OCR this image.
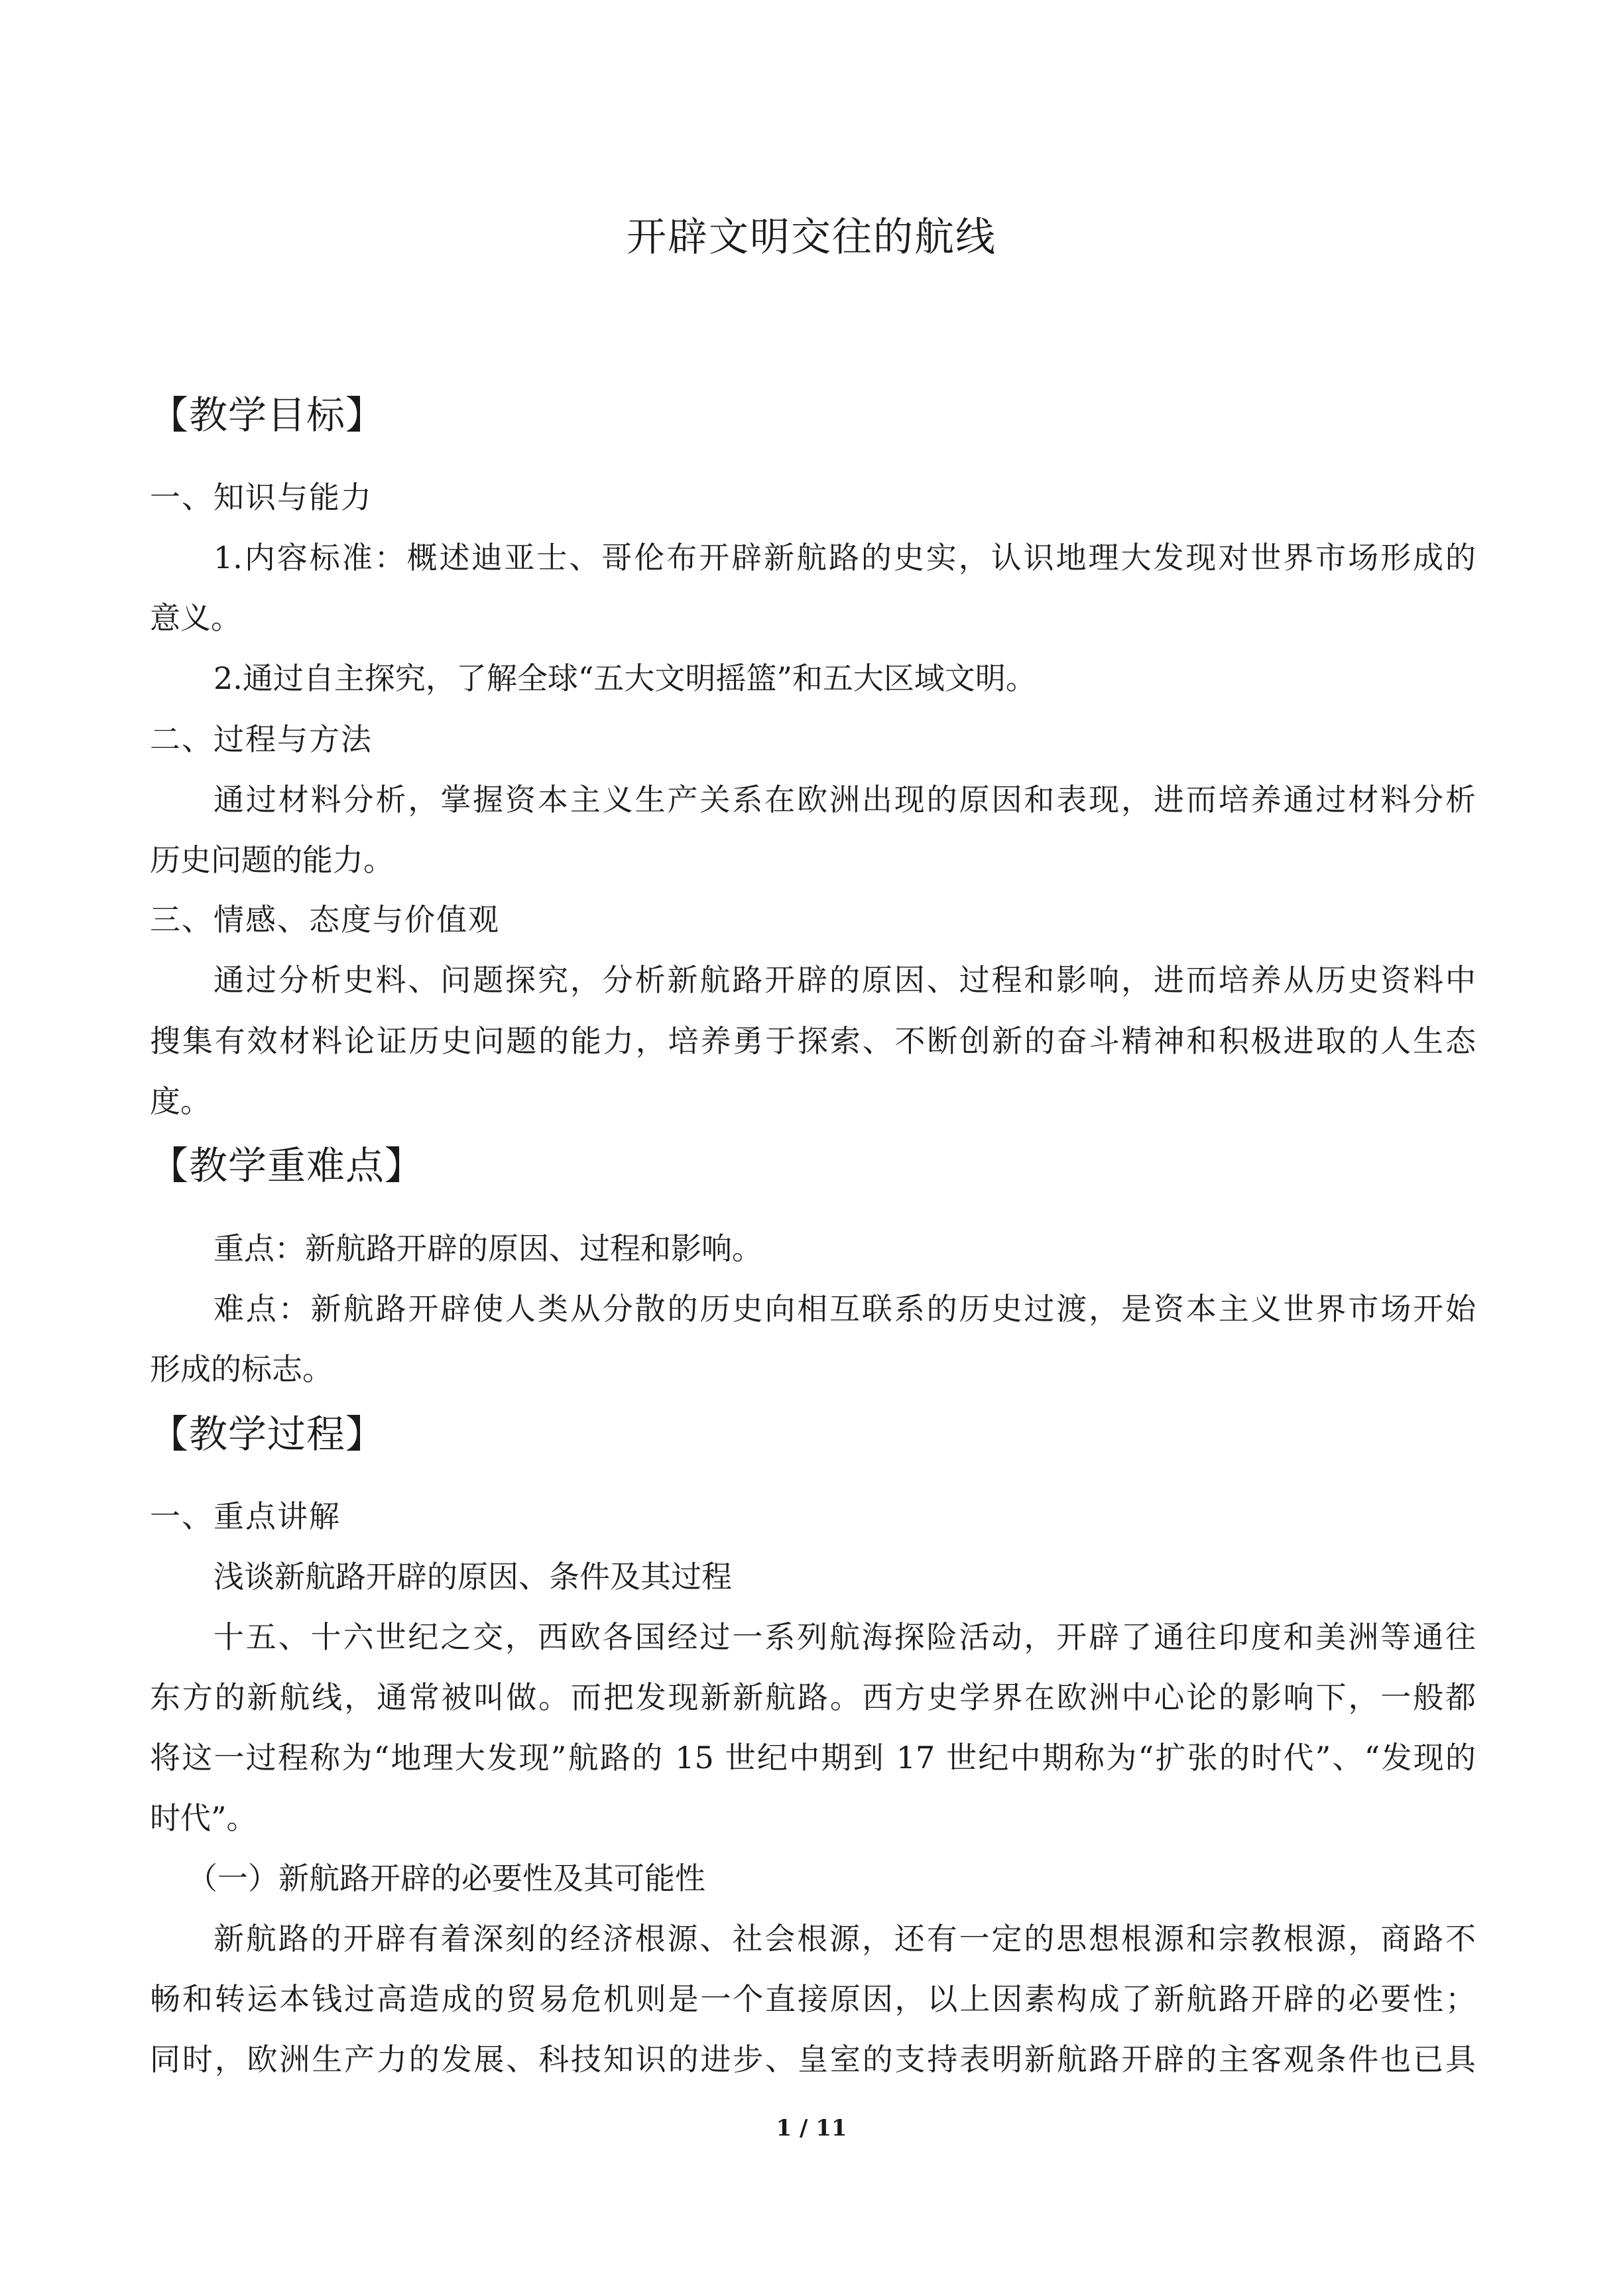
开辟文明交往的航线
【教学目标】
一、知识与能力
1.内容标准：概述迪亚士、哥伦布开辟新航路的史实，认识地理大发现对世界市场形成的
意义。
2.通过自主探究，了解全球“五大文明摇篮”和五大区域文明。
二、过程与方法
通过材料分析，掌握资本主义生产关系在欧洲出现的原因和表现，进而培养通过材料分析
历史问题的能力。
三、情感、态度与价值观
通过分析史料、问题探究，分析新航路开辟的原因、过程和影响，进而培养从历史资料中
搜集有效材料论证历史问题的能力，培养勇于探索、不断创新的奋斗精神和积极进取的人生态
度。
【教学重难点】
重点：新航路开辟的原因、过程和影响。
难点：新航路开辟使人类从分散的历史向相互联系的历史过渡，是资本主义世界市场开始
形成的标志。
【教学过程】
一、重点讲解
浅谈新航路开辟的原因、条件及其过程
十五、十六世纪之交，西欧各国经过一系列航海探险活动，开辟了通往印度和美洲等通往
东方的新航线，通常被叫做。而把发现新新航路。西方史学界在欧洲中心论的影响下，一般都
将这一过程称为“地理大发现”航路的 15 世纪中期到 17 世纪中期称为“扩张的时代”、“发现的
时代”。
（一）新航路开辟的必要性及其可能性
新航路的开辟有着深刻的经济根源、社会根源，还有一定的思想根源和宗教根源，商路不
畅和转运本钱过高造成的贸易危机则是一个直接原因，以上因素构成了新航路开辟的必要性；
同时，欧洲生产力的发展、科技知识的进步、皇室的支持表明新航路开辟的主客观条件也已具
1 / 11
